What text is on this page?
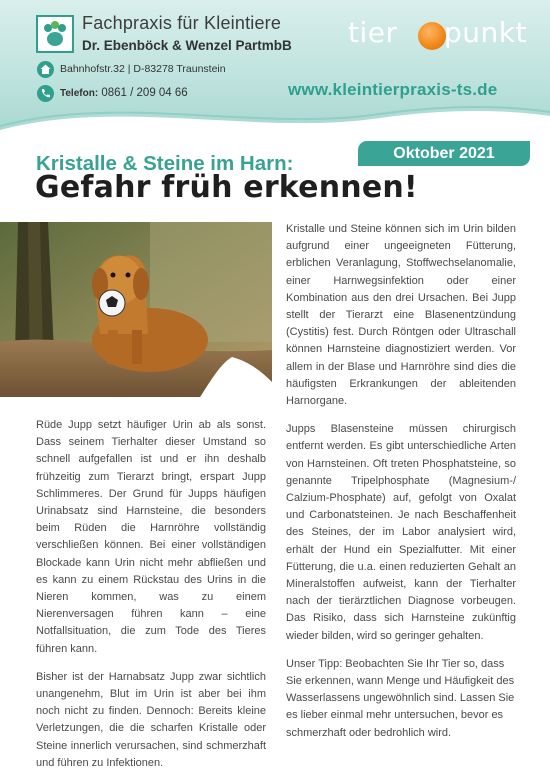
Fachpraxis für Kleintiere
Dr. Ebenböck & Wenzel PartmbB
Bahnhofstr.32 | D-83278 Traunstein
Telefon: 0861 / 209 04 66
tier punkt
www.kleintierpraxis-ts.de
Oktober 2021
Kristalle & Steine im Harn:
Gefahr früh erkennen!
© photomaster.ru

Rüde Jupp setzt häufiger Urin ab als sonst. Dass seinem Tierhalter dieser Umstand so schnell aufgefallen ist und er ihn deshalb frühzeitig zum Tierarzt bringt, erspart Jupp Schlimmeres. Der Grund für Jupps häufigen Urinabsatz sind Harnsteine, die besonders beim Rüden die Harnröhre vollständig verschließen können. Bei einer vollständigen Blockade kann Urin nicht mehr abfließen und es kann zu einem Rückstau des Urins in die Nieren kommen, was zu einem Nierenversagen führen kann – eine Notfallsituation, die zum Tode des Tieres führen kann.

Bisher ist der Harnabsatz Jupp zwar sichtlich unangenehm, Blut im Urin ist aber bei ihm noch nicht zu finden. Dennoch: Bereits kleine Verletzungen, die die scharfen Kristalle oder Steine innerlich verursachen, sind schmerzhaft und führen zu Infektionen.

Kristalle und Steine können sich im Urin bilden aufgrund einer ungeeigneten Fütterung, erblichen Veranlagung, Stoffwechselanomalie, einer Harnwegsinfektion oder einer Kombination aus den drei Ursachen. Bei Jupp stellt der Tierarzt eine Blasenentzündung (Cystitis) fest. Durch Röntgen oder Ultraschall können Harnsteine diagnostiziert werden. Vor allem in der Blase und Harnröhre sind dies die häufigsten Erkrankungen der ableitenden Harnorgane.

Jupps Blasensteine müssen chirurgisch entfernt werden. Es gibt unterschiedliche Arten von Harnsteinen. Oft treten Phosphatsteine, so genannte Tripelphosphate (Magnesium-/ Calzium-Phosphate) auf, gefolgt von Oxalat und Carbonatsteinen. Je nach Beschaffenheit des Steines, der im Labor analysiert wird, erhält der Hund ein Spezialfutter. Mit einer Fütterung, die u.a. einen reduzierten Gehalt an Mineralstoffen aufweist, kann der Tierhalter nach der tierärztlichen Diagnose vorbeugen. Das Risiko, dass sich Harnsteine zukünftig wieder bilden, wird so geringer gehalten.

Unser Tipp: Beobachten Sie Ihr Tier so, dass Sie erkennen, wann Menge und Häufigkeit des Wasserlassens ungewöhnlich sind. Lassen Sie es lieber einmal mehr untersuchen, bevor es schmerzhaft oder bedrohlich wird.
